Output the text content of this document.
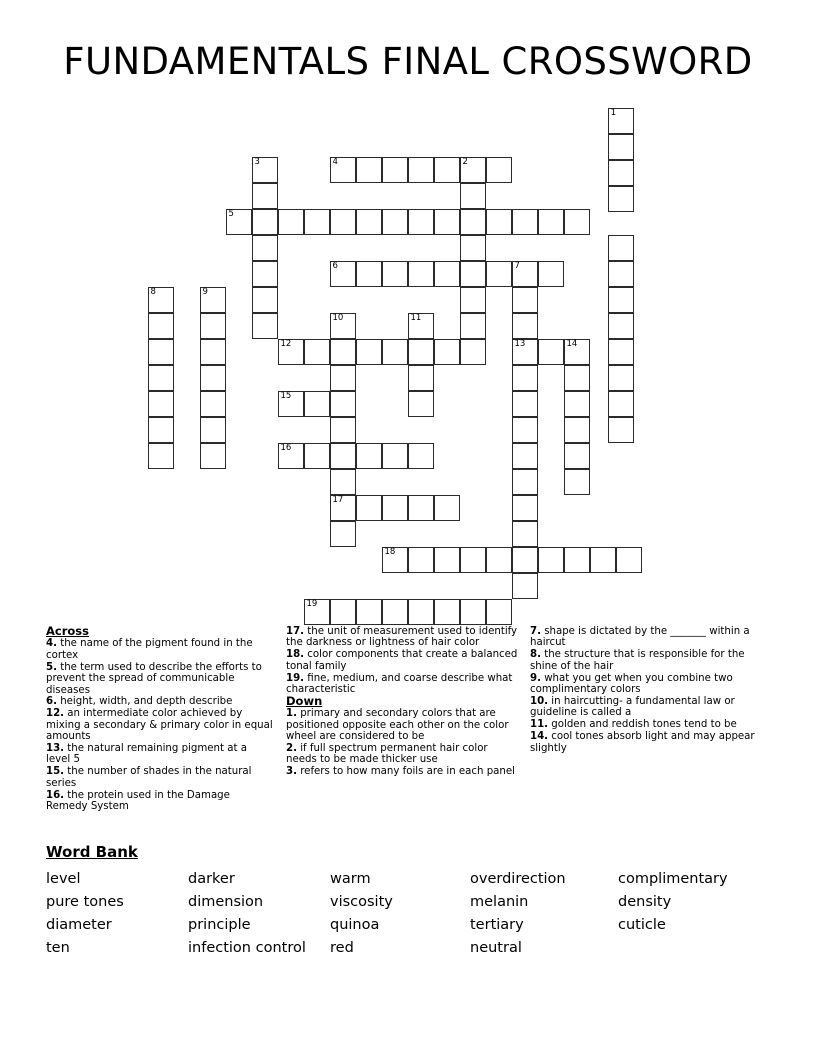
FUNDAMENTALS FINAL CROSSWORD
1
2
3	4
5
6	7
8	9
10	11
12	13	14
15
16
17
18
19
Across
4. the name of the pigment found in the cortex
5. the term used to describe the efforts to prevent the spread of communicable diseases
6. height, width, and depth describe
12. an intermediate color achieved by mixing a secondary & primary color in equal amounts
13. the natural remaining pigment at a level 5
15. the number of shades in the natural series
16. the protein used in the Damage Remedy System
17. the unit of measurement used to identify the darkness or lightness of hair color
18. color components that create a balanced tonal family
19. fine, medium, and coarse describe what characteristic
Down
1. primary and secondary colors that are positioned opposite each other on the color wheel are considered to be
2. if full spectrum permanent hair color needs to be made thicker use
3. refers to how many foils are in each panel
7. shape is dictated by the _______ within a haircut
8. the structure that is responsible for the shine of the hair
9. what you get when you combine two complimentary colors
10. in haircutting- a fundamental law or guideline is called a
11. golden and reddish tones tend to be
14. cool tones absorb light and may appear slightly
Word Bank
level	darker	warm	overdirection	complimentary
pure tones	dimension	viscosity	melanin	density
diameter	principle	quinoa	tertiary	cuticle
ten	infection control	red	neutral
